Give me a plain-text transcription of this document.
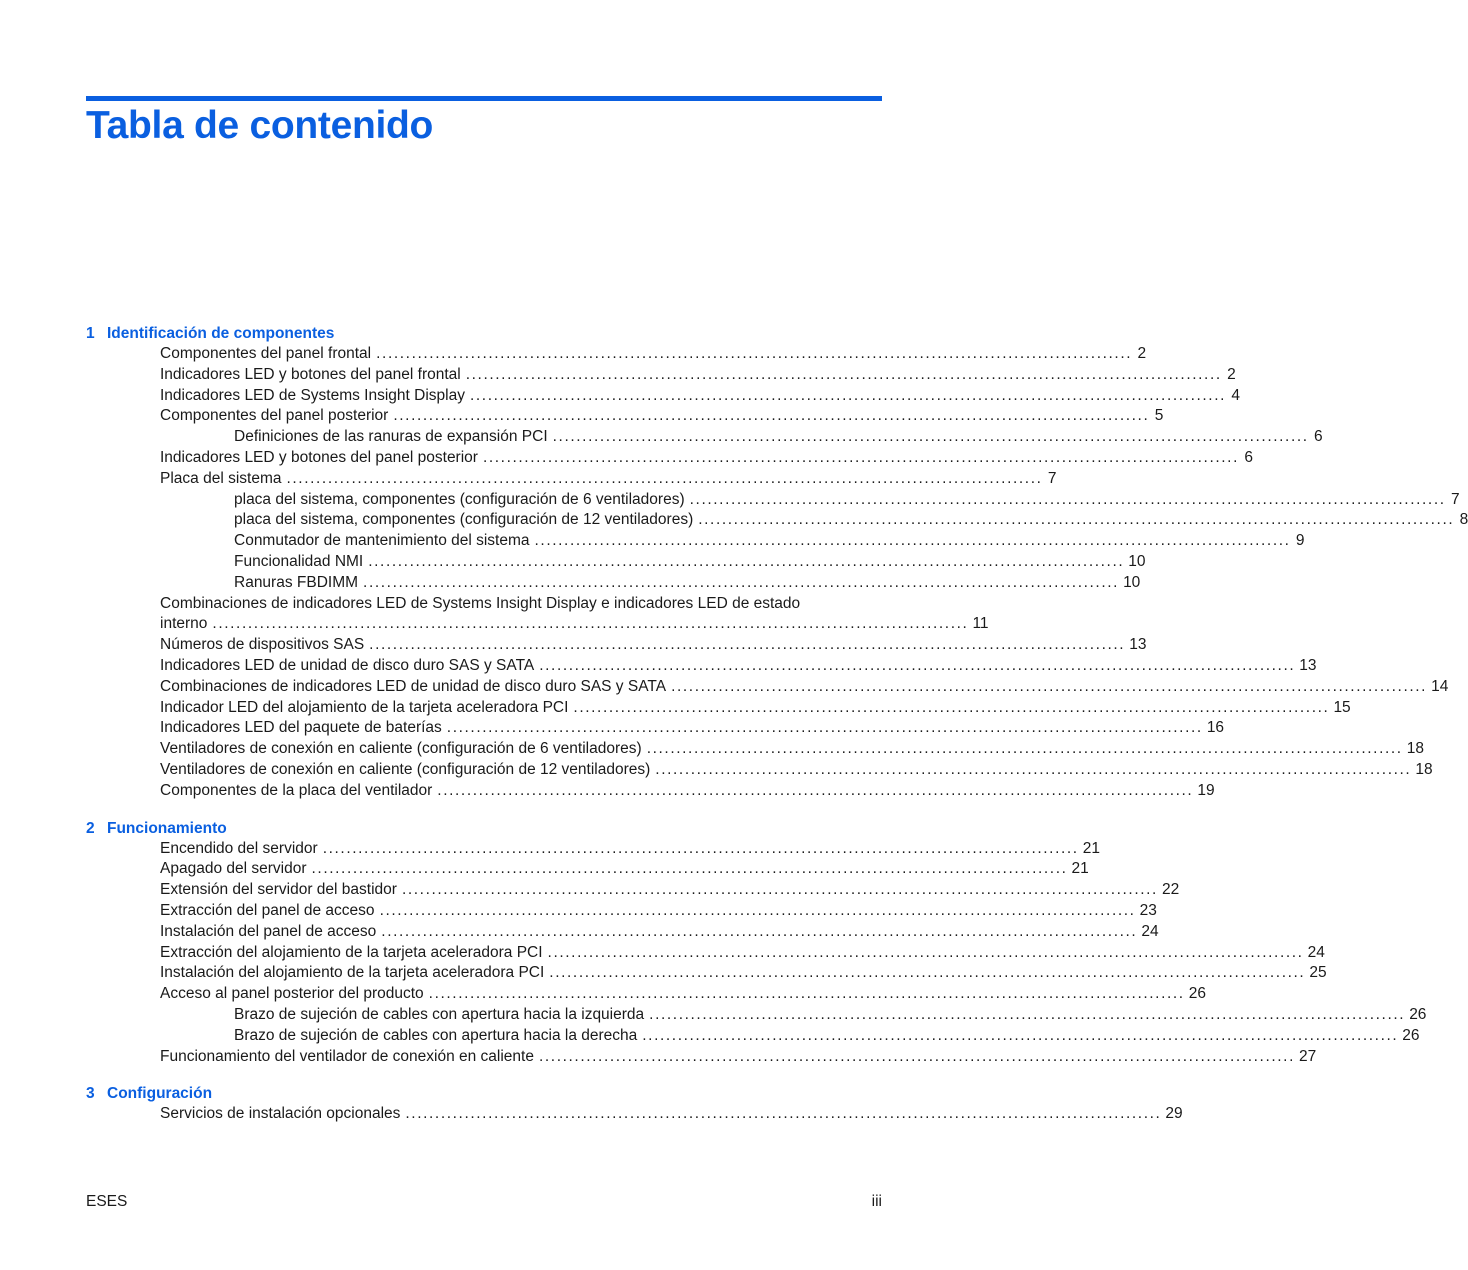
Tabla de contenido
1 Identificación de componentes
Componentes del panel frontal ................................................................................................................................ 2
Indicadores LED y botones del panel frontal ................................................................................................................................ 2
Indicadores LED de Systems Insight Display ................................................................................................................................ 4
Componentes del panel posterior ................................................................................................................................ 5
Definiciones de las ranuras de expansión PCI ................................................................................................................................ 6
Indicadores LED y botones del panel posterior ................................................................................................................................ 6
Placa del sistema ................................................................................................................................ 7
placa del sistema, componentes (configuración de 6 ventiladores) ................................................................................................................................ 7
placa del sistema, componentes (configuración de 12 ventiladores) ................................................................................................................................ 8
Conmutador de mantenimiento del sistema ................................................................................................................................ 9
Funcionalidad NMI ................................................................................................................................ 10
Ranuras FBDIMM ................................................................................................................................ 10
Combinaciones de indicadores LED de Systems Insight Display e indicadores LED de estado
interno ................................................................................................................................ 11
Números de dispositivos SAS ................................................................................................................................ 13
Indicadores LED de unidad de disco duro SAS y SATA ................................................................................................................................ 13
Combinaciones de indicadores LED de unidad de disco duro SAS y SATA ................................................................................................................................ 14
Indicador LED del alojamiento de la tarjeta aceleradora PCI ................................................................................................................................ 15
Indicadores LED del paquete de baterías ................................................................................................................................ 16
Ventiladores de conexión en caliente (configuración de 6 ventiladores) ................................................................................................................................ 18
Ventiladores de conexión en caliente (configuración de 12 ventiladores) ................................................................................................................................ 18
Componentes de la placa del ventilador ................................................................................................................................ 19
2 Funcionamiento
Encendido del servidor ................................................................................................................................ 21
Apagado del servidor ................................................................................................................................ 21
Extensión del servidor del bastidor ................................................................................................................................ 22
Extracción del panel de acceso ................................................................................................................................ 23
Instalación del panel de acceso ................................................................................................................................ 24
Extracción del alojamiento de la tarjeta aceleradora PCI ................................................................................................................................ 24
Instalación del alojamiento de la tarjeta aceleradora PCI ................................................................................................................................ 25
Acceso al panel posterior del producto ................................................................................................................................ 26
Brazo de sujeción de cables con apertura hacia la izquierda ................................................................................................................................ 26
Brazo de sujeción de cables con apertura hacia la derecha ................................................................................................................................ 26
Funcionamiento del ventilador de conexión en caliente ................................................................................................................................ 27
3 Configuración
Servicios de instalación opcionales ................................................................................................................................ 29
ESES	iii
